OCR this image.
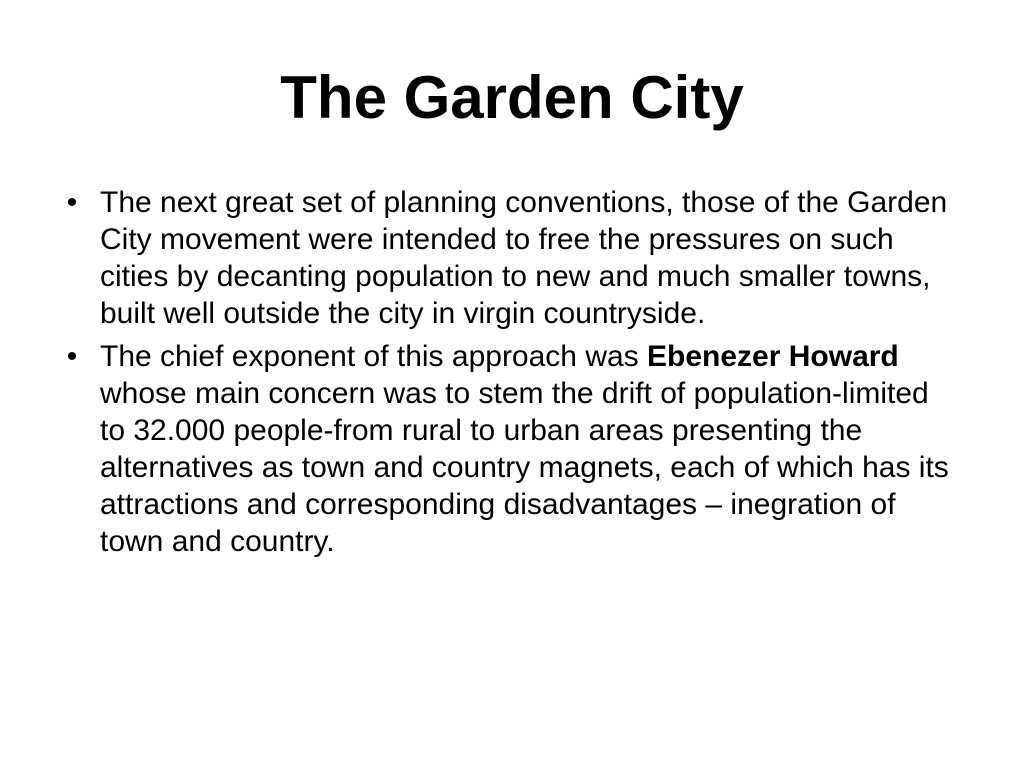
The Garden City
• The next great set of planning conventions, those of the Garden City movement were intended to free the pressures on such cities by decanting population to new and much smaller towns, built well outside the city in virgin countryside.
• The chief exponent of this approach was Ebenezer Howard whose main concern was to stem the drift of population-limited to 32.000 people-from rural to urban areas presenting the alternatives as town and country magnets, each of which has its attractions and corresponding disadvantages – inegration of town and country.
